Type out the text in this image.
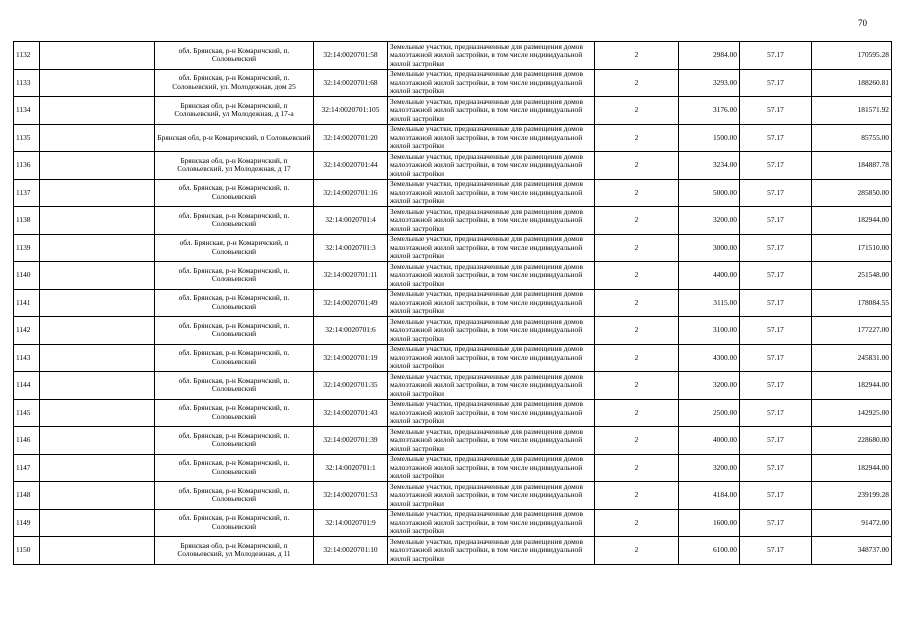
70
1132		обл. Брянская, р-н Комаричский, п. Соловьевский	32:14:0020701:58	Земельные участки, предназначенные для размещения домов малоэтажной жилой застройки, в том числе индивидуальной жилой застройки	2	2984.00	57.17	170595.28
1133		обл. Брянская, р-н Комаричский, п. Соловьевский, ул. Молодежная, дом 25	32:14:0020701:68	Земельные участки, предназначенные для размещения домов малоэтажной жилой застройки, в том числе индивидуальной жилой застройки	2	3293.00	57.17	188260.81
1134		Брянская обл, р-н Комаричский, п Соловьевский, ул Молодежная, д 17-а	32:14:0020701:105	Земельные участки, предназначенные для размещения домов малоэтажной жилой застройки, в том числе индивидуальной жилой застройки	2	3176.00	57.17	181571.92
1135		Брянская обл, р-н Комаричский, п Соловьевский	32:14:0020701:20	Земельные участки, предназначенные для размещения домов малоэтажной жилой застройки, в том числе индивидуальной жилой застройки	2	1500.00	57.17	85755.00
1136		Брянская обл, р-н Комаричский, п Соловьевский, ул Молодежная, д 17	32:14:0020701:44	Земельные участки, предназначенные для размещения домов малоэтажной жилой застройки, в том числе индивидуальной жилой застройки	2	3234.00	57.17	184887.78
1137		обл. Брянская, р-н Комаричский, п. Соловьевский	32:14:0020701:16	Земельные участки, предназначенные для размещения домов малоэтажной жилой застройки, в том числе индивидуальной жилой застройки	2	5000.00	57.17	285850.00
1138		обл. Брянская, р-н Комаричский, п. Соловьевский	32:14:0020701:4	Земельные участки, предназначенные для размещения домов малоэтажной жилой застройки, в том числе индивидуальной жилой застройки	2	3200.00	57.17	182944.00
1139		обл. Брянская, р-н Комаричский, п Соловьевский	32:14:0020701:3	Земельные участки, предназначенные для размещения домов малоэтажной жилой застройки, в том числе индивидуальной жилой застройки	2	3000.00	57.17	171510.00
1140		обл. Брянская, р-н Комаричский, п. Соловьевский	32:14:0020701:11	Земельные участки, предназначенные для размещения домов малоэтажной жилой застройки, в том числе индивидуальной жилой застройки	2	4400.00	57.17	251548.00
1141		обл. Брянская, р-н Комаричский, п. Соловьевский	32:14:0020701:49	Земельные участки, предназначенные для размещения домов малоэтажной жилой застройки, в том числе индивидуальной жилой застройки	2	3115.00	57.17	178084.55
1142		обл. Брянская, р-н Комаричский, п. Соловьевский	32:14:0020701:6	Земельные участки, предназначенные для размещения домов малоэтажной жилой застройки, в том числе индивидуальной жилой застройки	2	3100.00	57.17	177227.00
1143		обл. Брянская, р-н Комаричский, п. Соловьевский	32:14:0020701:19	Земельные участки, предназначенные для размещения домов малоэтажной жилой застройки, в том числе индивидуальной жилой застройки	2	4300.00	57.17	245831.00
1144		обл. Брянская, р-н Комаричский, п. Соловьевский	32:14:0020701:35	Земельные участки, предназначенные для размещения домов малоэтажной жилой застройки, в том числе индивидуальной жилой застройки	2	3200.00	57.17	182944.00
1145		обл. Брянская, р-н Комаричский, п. Соловьевский	32:14:0020701:43	Земельные участки, предназначенные для размещения домов малоэтажной жилой застройки, в том числе индивидуальной жилой застройки	2	2500.00	57.17	142925.00
1146		обл. Брянская, р-н Комаричский, п. Соловьевский	32:14:0020701:39	Земельные участки, предназначенные для размещения домов малоэтажной жилой застройки, в том числе индивидуальной жилой застройки	2	4000.00	57.17	228680.00
1147		обл. Брянская, р-н Комаричский, п. Соловьевский	32:14:0020701:1	Земельные участки, предназначенные для размещения домов малоэтажной жилой застройки, в том числе индивидуальной жилой застройки	2	3200.00	57.17	182944.00
1148		обл. Брянская, р-н Комаричский, п. Соловьевский	32:14:0020701:53	Земельные участки, предназначенные для размещения домов малоэтажной жилой застройки, в том числе индивидуальной жилой застройки	2	4184.00	57.17	239199.28
1149		обл. Брянская, р-н Комаричский, п. Соловьевский	32:14:0020701:9	Земельные участки, предназначенные для размещения домов малоэтажной жилой застройки, в том числе индивидуальной жилой застройки	2	1600.00	57.17	91472.00
1150		Брянская обл, р-н Комаричский, п Соловьевский, ул Молодежная, д 11	32:14:0020701:10	Земельные участки, предназначенные для размещения домов малоэтажной жилой застройки, в том числе индивидуальной жилой застройки	2	6100.00	57.17	348737.00
